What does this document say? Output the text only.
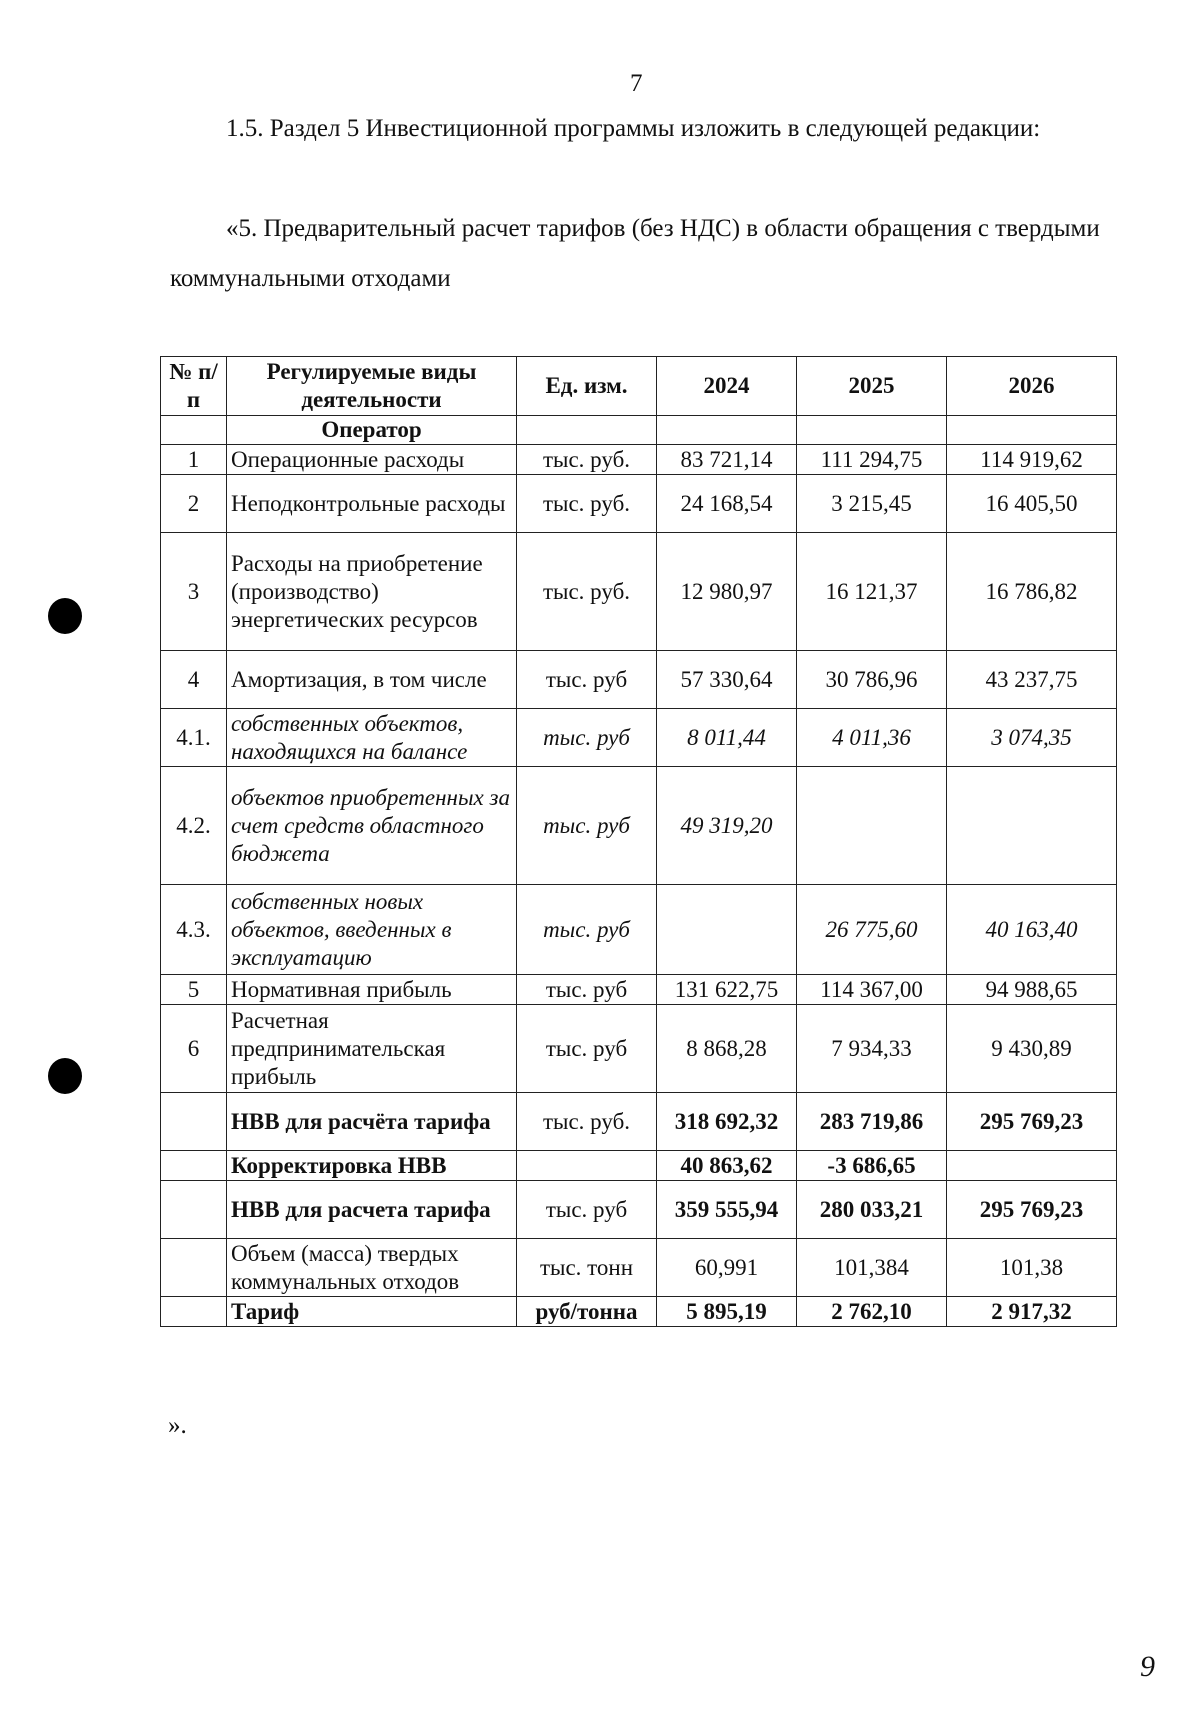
7
1.5. Раздел 5 Инвестиционной программы изложить в следующей редакции:
«5. Предварительный расчет тарифов (без НДС) в области обращения с твердыми коммунальными отходами
№ п/п	Регулируемые виды деятельности	Ед. изм.	2024	2025	2026
	Оператор				
1	Операционные расходы	тыс. руб.	83 721,14	111 294,75	114 919,62
2	Неподконтрольные расходы	тыс. руб.	24 168,54	3 215,45	16 405,50
3	Расходы на приобретение (производство) энергетических ресурсов	тыс. руб.	12 980,97	16 121,37	16 786,82
4	Амортизация, в том числе	тыс. руб	57 330,64	30 786,96	43 237,75
4.1.	собственных объектов, находящихся на балансе	тыс. руб	8 011,44	4 011,36	3 074,35
4.2.	объектов приобретенных за счет средств областного бюджета	тыс. руб	49 319,20		
4.3.	собственных новых объектов, введенных в эксплуатацию	тыс. руб		26 775,60	40 163,40
5	Нормативная прибыль	тыс. руб	131 622,75	114 367,00	94 988,65
6	Расчетная предпринимательская прибыль	тыс. руб	8 868,28	7 934,33	9 430,89
	НВВ для расчёта тарифа	тыс. руб.	318 692,32	283 719,86	295 769,23
	Корректировка НВВ		40 863,62	-3 686,65	
	НВВ для расчета тарифа	тыс. руб	359 555,94	280 033,21	295 769,23
	Объем (масса) твердых коммунальных отходов	тыс. тонн	60,991	101,384	101,38
	Тариф	руб/тонна	5 895,19	2 762,10	2 917,32
».
9
